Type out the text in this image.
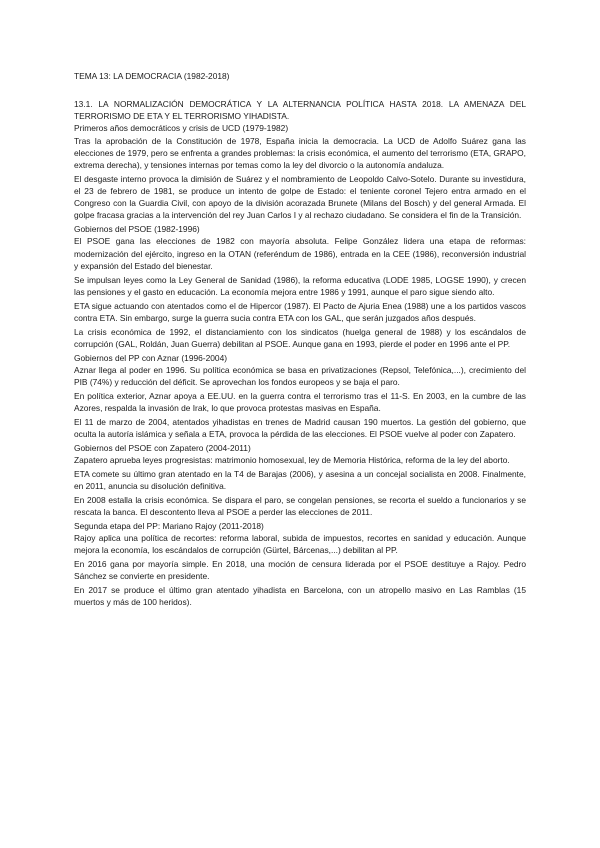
TEMA 13: LA DEMOCRACIA (1982-2018)
13.1. LA NORMALIZACIÓN DEMOCRÁTICA Y LA ALTERNANCIA POLÍTICA HASTA 2018. LA AMENAZA DEL TERRORISMO DE ETA Y EL TERRORISMO YIHADISTA.
Primeros años democráticos y crisis de UCD (1979-1982)
Tras la aprobación de la Constitución de 1978, España inicia la democracia. La UCD de Adolfo Suárez gana las elecciones de 1979, pero se enfrenta a grandes problemas: la crisis económica, el aumento del terrorismo (ETA, GRAPO, extrema derecha), y tensiones internas por temas como la ley del divorcio o la autonomía andaluza.
El desgaste interno provoca la dimisión de Suárez y el nombramiento de Leopoldo Calvo-Sotelo. Durante su investidura, el 23 de febrero de 1981, se produce un intento de golpe de Estado: el teniente coronel Tejero entra armado en el Congreso con la Guardia Civil, con apoyo de la división acorazada Brunete (Milans del Bosch) y del general Armada. El golpe fracasa gracias a la intervención del rey Juan Carlos I y al rechazo ciudadano. Se considera el fin de la Transición.
Gobiernos del PSOE (1982-1996)
El PSOE gana las elecciones de 1982 con mayoría absoluta. Felipe González lidera una etapa de reformas: modernización del ejército, ingreso en la OTAN (referéndum de 1986), entrada en la CEE (1986), reconversión industrial y expansión del Estado del bienestar.
Se impulsan leyes como la Ley General de Sanidad (1986), la reforma educativa (LODE 1985, LOGSE 1990), y crecen las pensiones y el gasto en educación. La economía mejora entre 1986 y 1991, aunque el paro sigue siendo alto.
ETA sigue actuando con atentados como el de Hipercor (1987). El Pacto de Ajuria Enea (1988) une a los partidos vascos contra ETA. Sin embargo, surge la guerra sucia contra ETA con los GAL, que serán juzgados años después.
La crisis económica de 1992, el distanciamiento con los sindicatos (huelga general de 1988) y los escándalos de corrupción (GAL, Roldán, Juan Guerra) debilitan al PSOE. Aunque gana en 1993, pierde el poder en 1996 ante el PP.
Gobiernos del PP con Aznar (1996-2004)
Aznar llega al poder en 1996. Su política económica se basa en privatizaciones (Repsol, Telefónica,...), crecimiento del PIB (74%) y reducción del déficit. Se aprovechan los fondos europeos y se baja el paro.
En política exterior, Aznar apoya a EE.UU. en la guerra contra el terrorismo tras el 11-S. En 2003, en la cumbre de las Azores, respalda la invasión de Irak, lo que provoca protestas masivas en España.
El 11 de marzo de 2004, atentados yihadistas en trenes de Madrid causan 190 muertos. La gestión del gobierno, que oculta la autoría islámica y señala a ETA, provoca la pérdida de las elecciones. El PSOE vuelve al poder con Zapatero.
Gobiernos del PSOE con Zapatero (2004-2011)
Zapatero aprueba leyes progresistas: matrimonio homosexual, ley de Memoria Histórica, reforma de la ley del aborto.
ETA comete su último gran atentado en la T4 de Barajas (2006), y asesina a un concejal socialista en 2008. Finalmente, en 2011, anuncia su disolución definitiva.
En 2008 estalla la crisis económica. Se dispara el paro, se congelan pensiones, se recorta el sueldo a funcionarios y se rescata la banca. El descontento lleva al PSOE a perder las elecciones de 2011.
Segunda etapa del PP: Mariano Rajoy (2011-2018)
Rajoy aplica una política de recortes: reforma laboral, subida de impuestos, recortes en sanidad y educación. Aunque mejora la economía, los escándalos de corrupción (Gürtel, Bárcenas,...) debilitan al PP.
En 2016 gana por mayoría simple. En 2018, una moción de censura liderada por el PSOE destituye a Rajoy. Pedro Sánchez se convierte en presidente.
En 2017 se produce el último gran atentado yihadista en Barcelona, con un atropello masivo en Las Ramblas (15 muertos y más de 100 heridos).
